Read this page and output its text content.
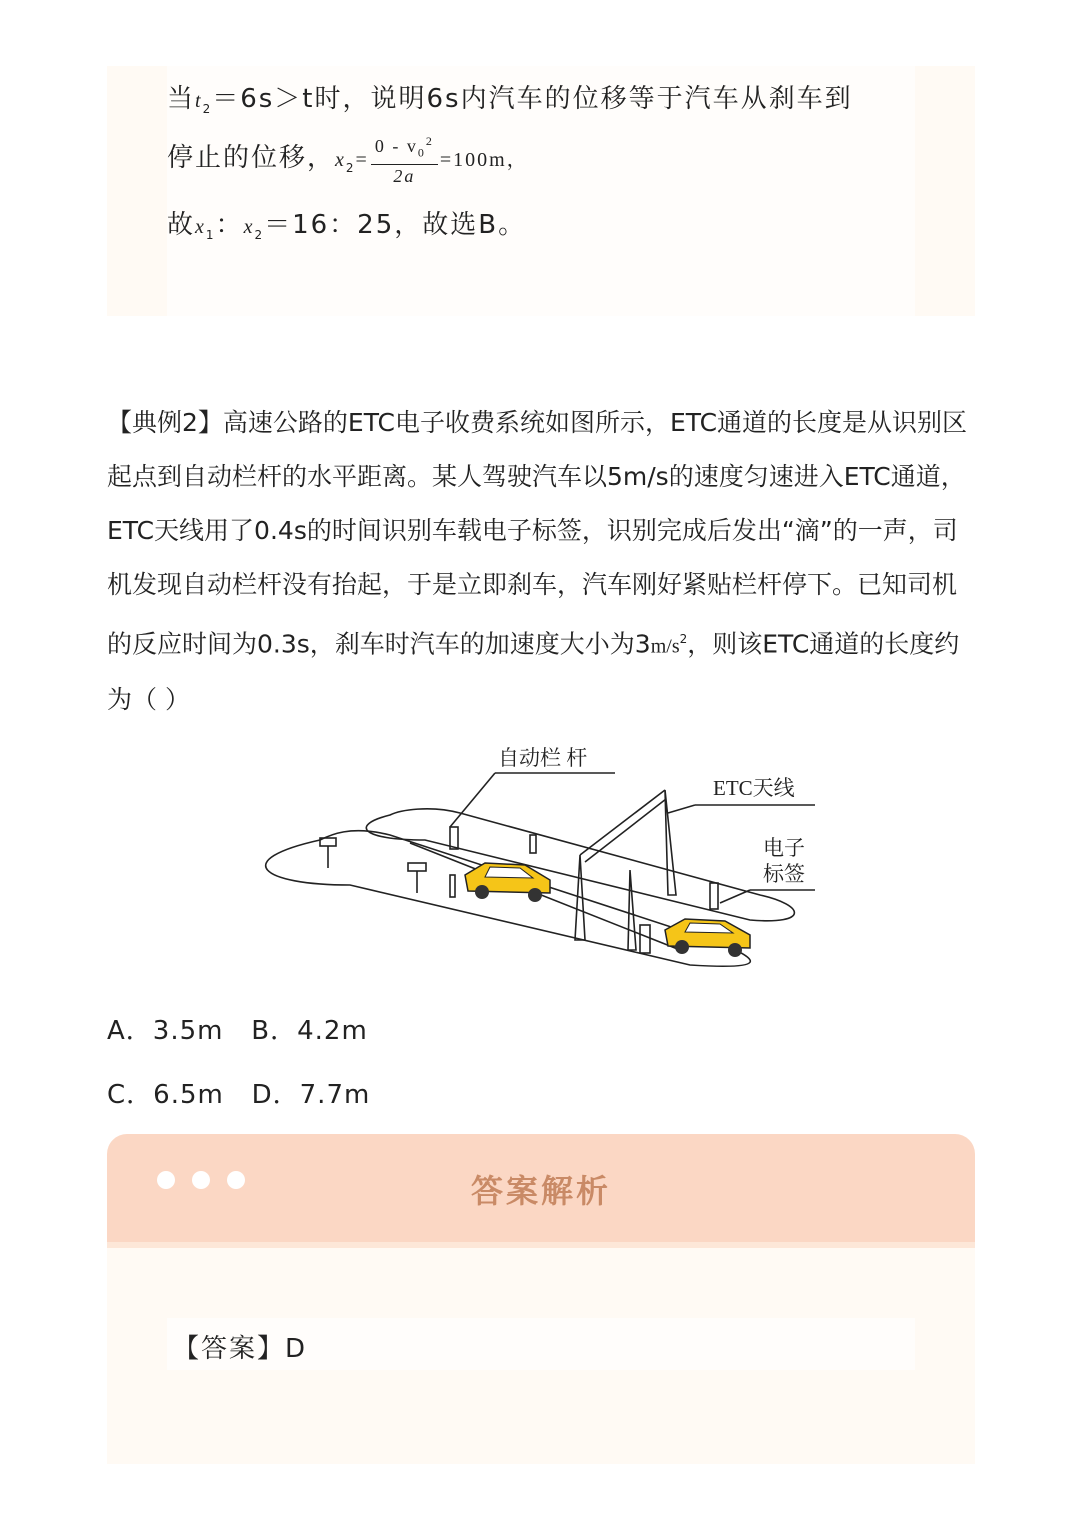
当$t_2=6s>t$时，说明6s内汽车的位移等于汽车从刹车到
停止的位移，$x_2= \frac{0 - v_0^2}{2a} =100m$，
故$x_1$：$x_2=16$：25，故选B。
【典例2】高速公路的ETC电子收费系统如图所示，ETC通道的长度是从识别区起点到自动栏杆的水平距离。某人驾驶汽车以5m/s的速度匀速进入ETC通道，ETC天线用了0.4s的时间识别车载电子标签，识别完成后发出“滴”的一声，司机发现自动栏杆没有抬起，于是立即刹车，汽车刚好紧贴栏杆停下。已知司机的反应时间为0.3s，刹车时汽车的加速度大小为$3m/s^2$，则该ETC通道的长度约为（ ）
自动栏 杆
ETC天线
电子
标签
A．3.5m   B．4.2m
C．6.5m   D．7.7m
答案解析
【答案】D
